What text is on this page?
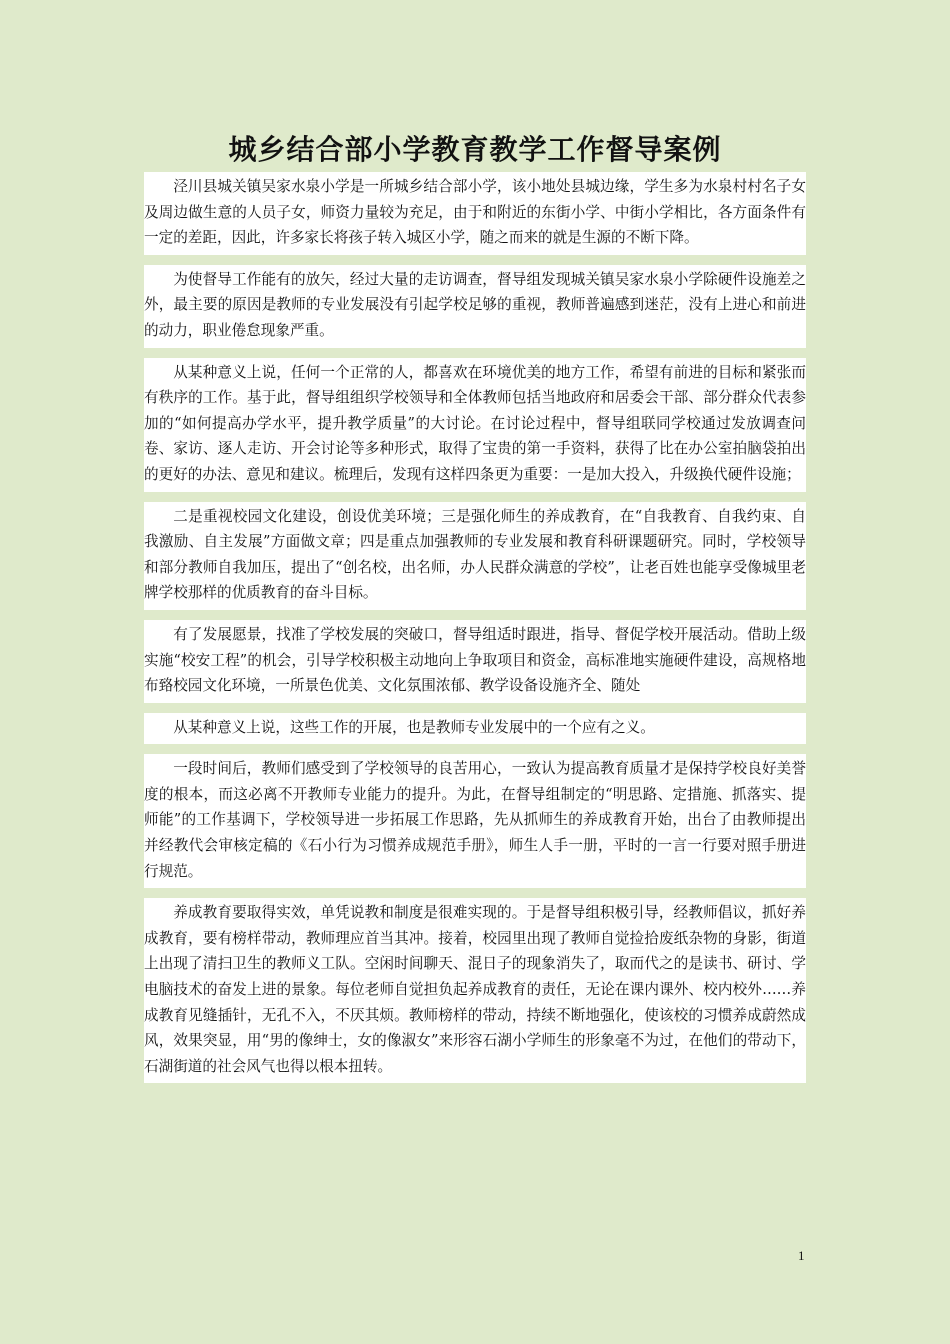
城乡结合部小学教育教学工作督导案例

泾川县城关镇吴家水泉小学是一所城乡结合部小学，该小地处县城边缘，学生多为水泉村村名子女及周边做生意的人员子女，师资力量较为充足，由于和附近的东街小学、中街小学相比，各方面条件有一定的差距，因此，许多家长将孩子转入城区小学，随之而来的就是生源的不断下降。

为使督导工作能有的放矢，经过大量的走访调查，督导组发现城关镇吴家水泉小学除硬件设施差之外，最主要的原因是教师的专业发展没有引起学校足够的重视，教师普遍感到迷茫，没有上进心和前进的动力，职业倦怠现象严重。

从某种意义上说，任何一个正常的人，都喜欢在环境优美的地方工作，希望有前进的目标和紧张而有秩序的工作。基于此，督导组组织学校领导和全体教师包括当地政府和居委会干部、部分群众代表参加的“如何提高办学水平，提升教学质量”的大讨论。在讨论过程中，督导组联同学校通过发放调查问卷、家访、逐人走访、开会讨论等多种形式，取得了宝贵的第一手资料，获得了比在办公室拍脑袋拍出的更好的办法、意见和建议。梳理后，发现有这样四条更为重要：一是加大投入，升级换代硬件设施；

二是重视校园文化建设，创设优美环境；三是强化师生的养成教育，在“自我教育、自我约束、自我激励、自主发展”方面做文章；四是重点加强教师的专业发展和教育科研课题研究。同时，学校领导和部分教师自我加压，提出了“创名校，出名师，办人民群众满意的学校”，让老百姓也能享受像城里老牌学校那样的优质教育的奋斗目标。

有了发展愿景，找准了学校发展的突破口，督导组适时跟进，指导、督促学校开展活动。借助上级实施“校安工程”的机会，引导学校积极主动地向上争取项目和资金，高标准地实施硬件建设，高规格地布臵校园文化环境，一所景色优美、文化氛围浓郁、教学设备设施齐全、随处

从某种意义上说，这些工作的开展，也是教师专业发展中的一个应有之义。

一段时间后，教师们感受到了学校领导的良苦用心，一致认为提高教育质量才是保持学校良好美誉度的根本，而这必离不开教师专业能力的提升。为此，在督导组制定的“明思路、定措施、抓落实、提师能”的工作基调下，学校领导进一步拓展工作思路，先从抓师生的养成教育开始，出台了由教师提出并经教代会审核定稿的《石小行为习惯养成规范手册》，师生人手一册，平时的一言一行要对照手册进行规范。

养成教育要取得实效，单凭说教和制度是很难实现的。于是督导组积极引导，经教师倡议，抓好养成教育，要有榜样带动，教师理应首当其冲。接着，校园里出现了教师自觉捡拾废纸杂物的身影，街道上出现了清扫卫生的教师义工队。空闲时间聊天、混日子的现象消失了，取而代之的是读书、研讨、学电脑技术的奋发上进的景象。每位老师自觉担负起养成教育的责任，无论在课内课外、校内校外……养成教育见缝插针，无孔不入，不厌其烦。教师榜样的带动，持续不断地强化，使该校的习惯养成蔚然成风，效果突显，用“男的像绅士，女的像淑女”来形容石湖小学师生的形象毫不为过，在他们的带动下，石湖街道的社会风气也得以根本扭转。

1
